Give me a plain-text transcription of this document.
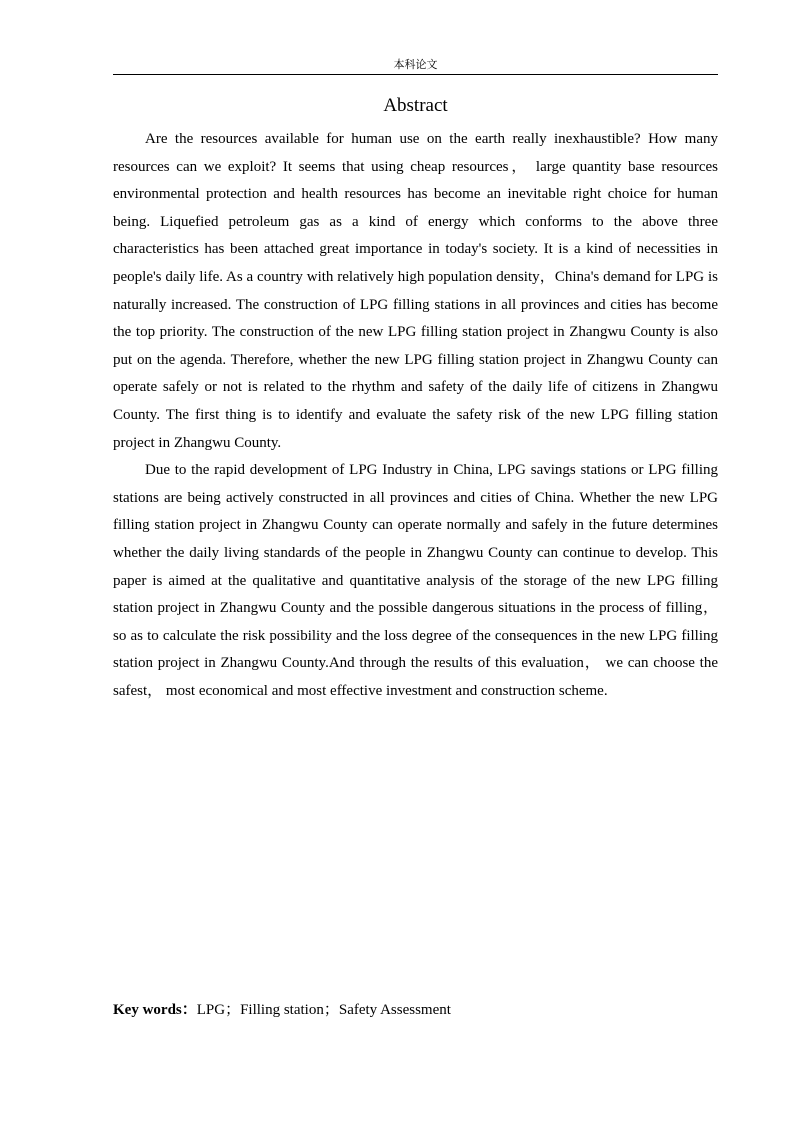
本科论文
Abstract

Are the resources available for human use on the earth really inexhaustible? How many resources can we exploit? It seems that using cheap resources， large quantity base resources environmental protection and health resources has become an inevitable right choice for human being. Liquefied petroleum gas as a kind of energy which conforms to the above three characteristics has been attached great importance in today's society. It is a kind of necessities in people's daily life. As a country with relatively high population density，China's demand for LPG is naturally increased. The construction of LPG filling stations in all provinces and cities has become the top priority. The construction of the new LPG filling station project in Zhangwu County is also put on the agenda. Therefore, whether the new LPG filling station project in Zhangwu County can operate safely or not is related to the rhythm and safety of the daily life of citizens in Zhangwu County. The first thing is to identify and evaluate the safety risk of the new LPG filling station project in Zhangwu County.

Due to the rapid development of LPG Industry in China, LPG savings stations or LPG filling stations are being actively constructed in all provinces and cities of China. Whether the new LPG filling station project in Zhangwu County can operate normally and safely in the future determines whether the daily living standards of the people in Zhangwu County can continue to develop. This paper is aimed at the qualitative and quantitative analysis of the storage of the new LPG filling station project in Zhangwu County and the possible dangerous situations in the process of filling， so as to calculate the risk possibility and the loss degree of the consequences in the new LPG filling station project in Zhangwu County.And through the results of this evaluation， we can choose the safest， most economical and most effective investment and construction scheme.

Key words：LPG；Filling station；Safety Assessment
